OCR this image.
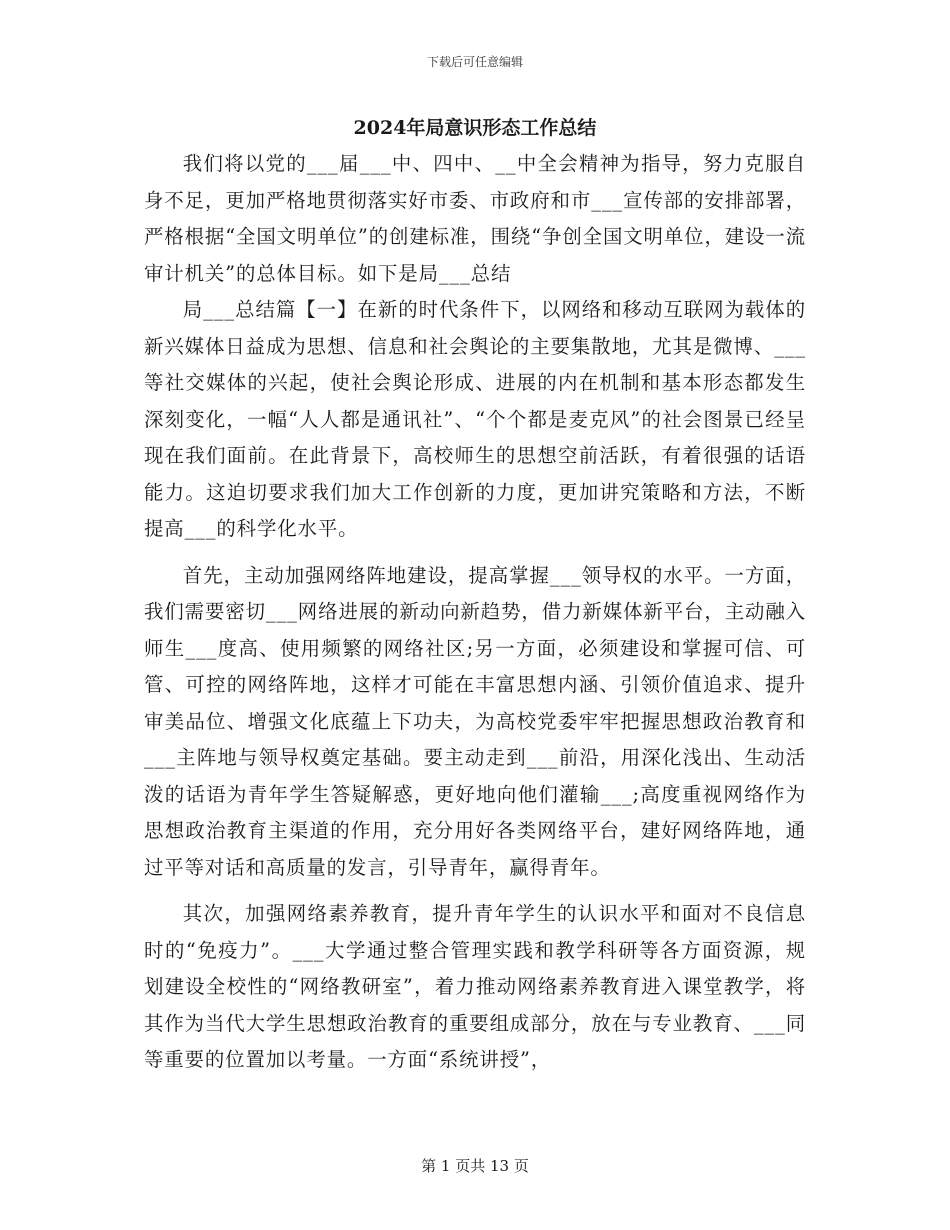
下载后可任意编辑
2024年局意识形态工作总结

我们将以党的___届___中、四中、__中全会精神为指导，努力克服自身不足，更加严格地贯彻落实好市委、市政府和市___宣传部的安排部署，严格根据“全国文明单位”的创建标准，围绕“争创全国文明单位，建设一流审计机关”的总体目标。如下是局___总结

局___总结篇【一】在新的时代条件下，以网络和移动互联网为载体的新兴媒体日益成为思想、信息和社会舆论的主要集散地，尤其是微博、___等社交媒体的兴起，使社会舆论形成、进展的内在机制和基本形态都发生深刻变化，一幅“人人都是通讯社”、“个个都是麦克风”的社会图景已经呈现在我们面前。在此背景下，高校师生的思想空前活跃，有着很强的话语能力。这迫切要求我们加大工作创新的力度，更加讲究策略和方法，不断提高___的科学化水平。

首先，主动加强网络阵地建设，提高掌握___领导权的水平。一方面，我们需要密切___网络进展的新动向新趋势，借力新媒体新平台，主动融入师生___度高、使用频繁的网络社区;另一方面，必须建设和掌握可信、可管、可控的网络阵地，这样才可能在丰富思想内涵、引领价值追求、提升审美品位、增强文化底蕴上下功夫，为高校党委牢牢把握思想政治教育和___主阵地与领导权奠定基础。要主动走到___前沿，用深化浅出、生动活泼的话语为青年学生答疑解惑，更好地向他们灌输___;高度重视网络作为思想政治教育主渠道的作用，充分用好各类网络平台，建好网络阵地，通过平等对话和高质量的发言，引导青年，赢得青年。

其次，加强网络素养教育，提升青年学生的认识水平和面对不良信息时的“免疫力”。___大学通过整合管理实践和教学科研等各方面资源，规划建设全校性的“网络教研室”，着力推动网络素养教育进入课堂教学，将其作为当代大学生思想政治教育的重要组成部分，放在与专业教育、___同等重要的位置加以考量。一方面“系统讲授”，

第 1 页共 13 页
